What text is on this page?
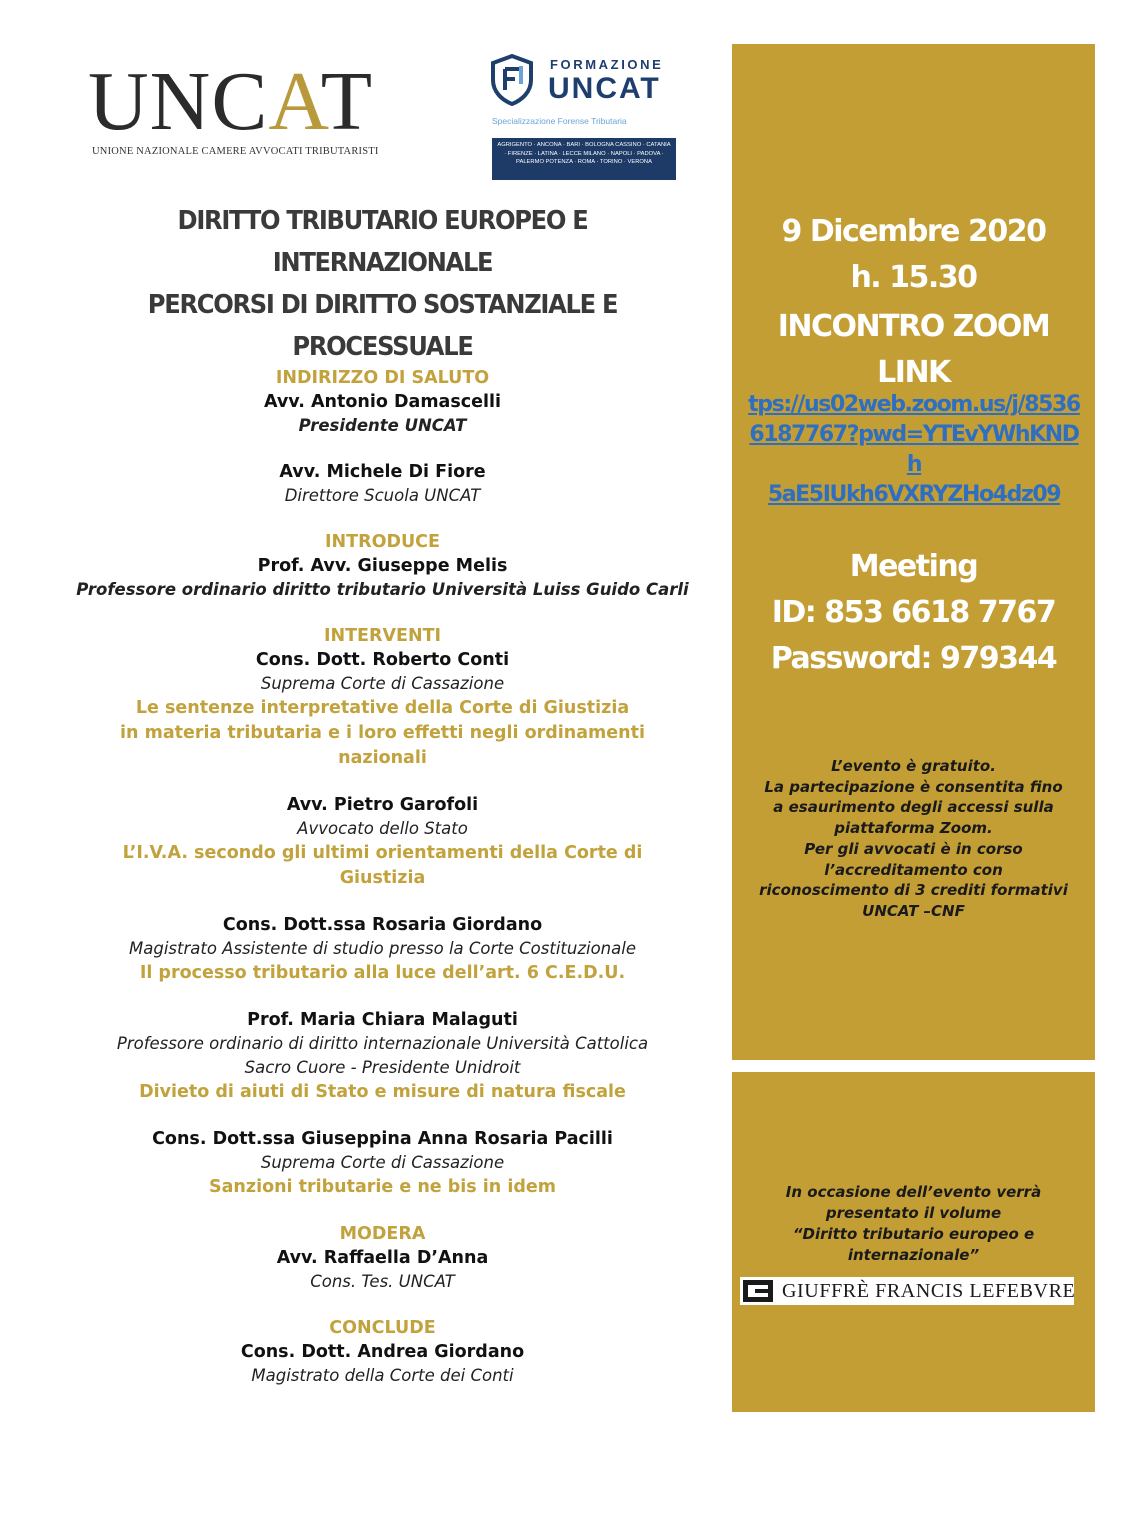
UNCAT
UNIONE NAZIONALE CAMERE AVVOCATI TRIBUTARISTI
FORMAZIONE
UNCAT
Specializzazione Forense Tributaria
AGRIGENTO · ANCONA · BARI · BOLOGNA CASSINO · CATANIA · FIRENZE · LATINA · LECCE MILANO · NAPOLI · PADOVA · PALERMO POTENZA · ROMA · TORINO · VERONA
DIRITTO TRIBUTARIO EUROPEO E INTERNAZIONALE
PERCORSI DI DIRITTO SOSTANZIALE E
PROCESSUALE
INDIRIZZO DI SALUTO
Avv. Antonio Damascelli
Presidente UNCAT
Avv. Michele Di Fiore
Direttore Scuola UNCAT
INTRODUCE
Prof. Avv. Giuseppe Melis
Professore ordinario diritto tributario Università Luiss Guido Carli
INTERVENTI
Cons. Dott. Roberto Conti
Suprema Corte di Cassazione
Le sentenze interpretative della Corte di Giustizia
in materia tributaria e i loro effetti negli ordinamenti
nazionali
Avv. Pietro Garofoli
Avvocato dello Stato
L’I.V.A. secondo gli ultimi orientamenti della Corte di
Giustizia
Cons. Dott.ssa Rosaria Giordano
Magistrato Assistente di studio presso la Corte Costituzionale
Il processo tributario alla luce dell’art. 6 C.E.D.U.
Prof. Maria Chiara Malaguti
Professore ordinario di diritto internazionale Università Cattolica
Sacro Cuore - Presidente Unidroit
Divieto di aiuti di Stato e misure di natura fiscale
Cons. Dott.ssa Giuseppina Anna Rosaria Pacilli
Suprema Corte di Cassazione
Sanzioni tributarie e ne bis in idem
MODERA
Avv. Raffaella D’Anna
Cons. Tes. UNCAT
CONCLUDE
Cons. Dott. Andrea Giordano
Magistrato della Corte dei Conti
9 Dicembre 2020
h. 15.30
INCONTRO ZOOM
LINK
tps://us02web.zoom.us/j/8536
6187767?pwd=YTEvYWhKNDh
5aE5IUkh6VXRYZHo4dz09
Meeting
ID: 853 6618 7767
Password: 979344
L’evento è gratuito.
La partecipazione è consentita fino
a esaurimento degli accessi sulla
piattaforma Zoom.
Per gli avvocati è in corso
l’accreditamento con
riconoscimento di 3 crediti formativi
UNCAT –CNF
In occasione dell’evento verrà
presentato il volume
“Diritto tributario europeo e
internazionale”
GIUFFRÈ FRANCIS LEFEBVRE
